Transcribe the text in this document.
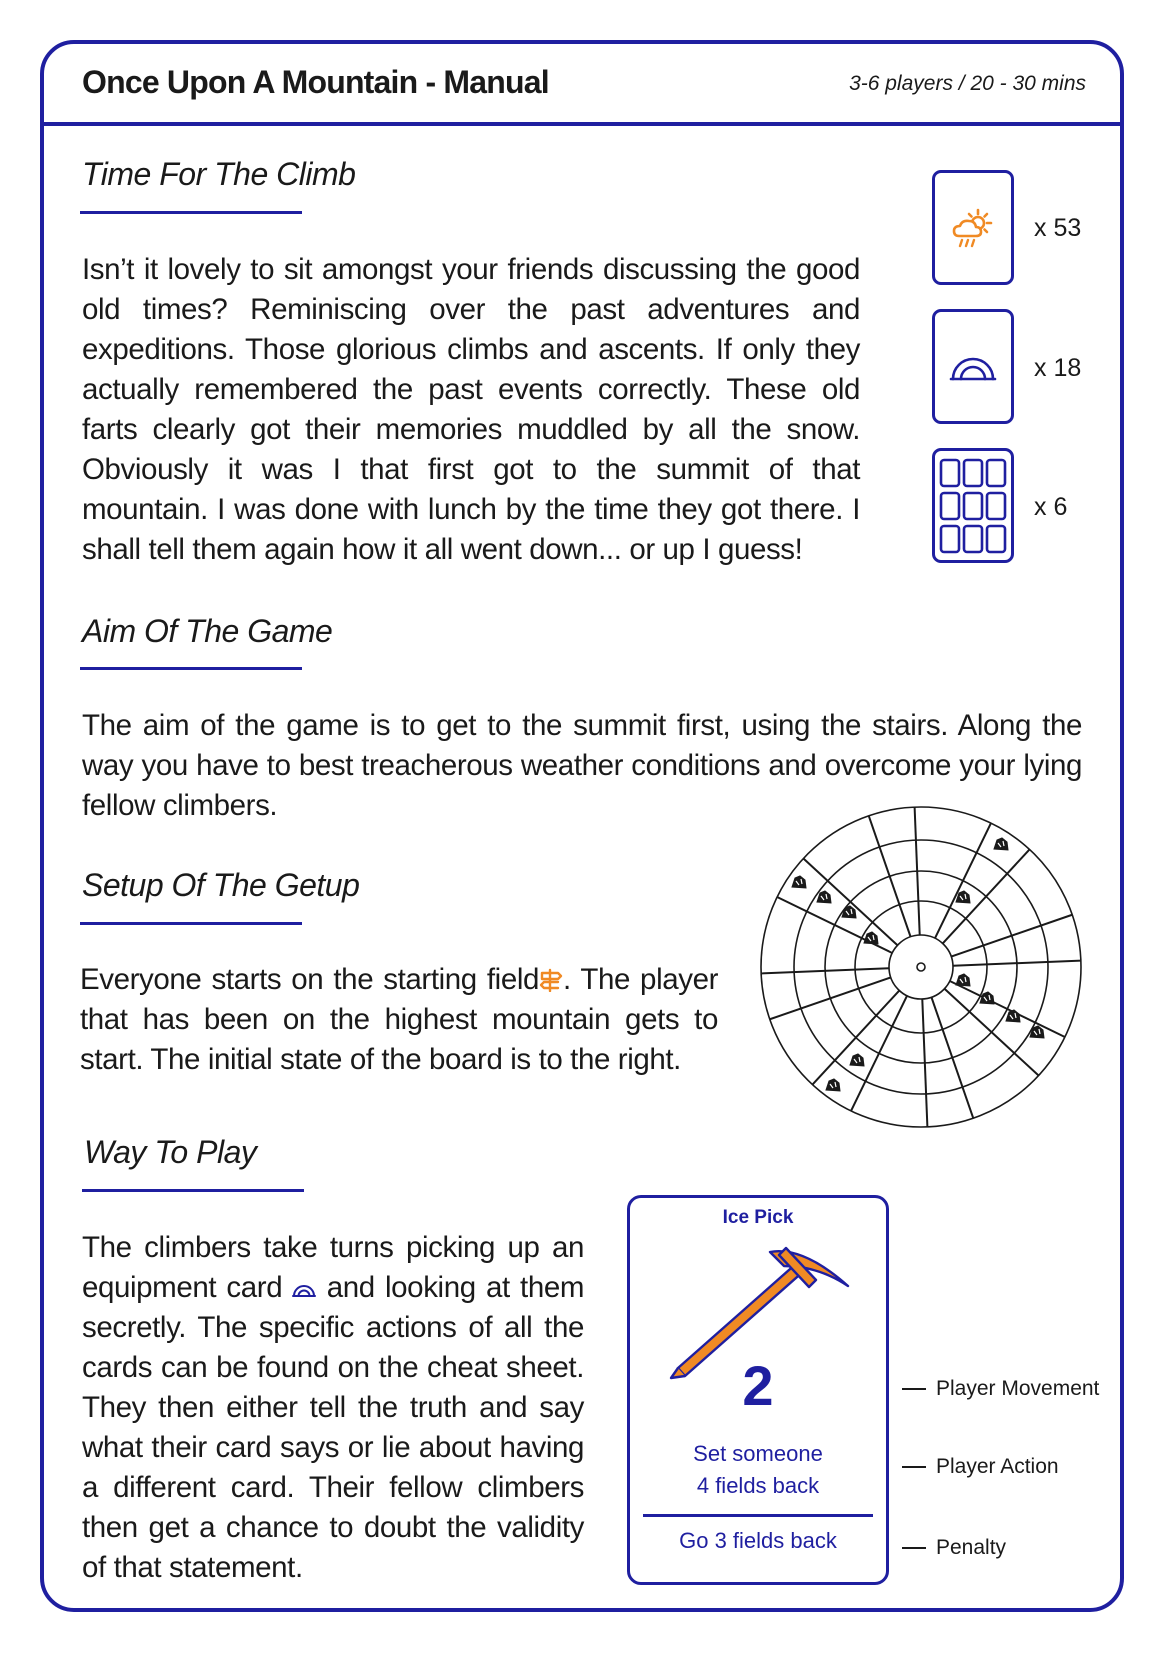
Once Upon A Mountain - Manual	3-6 players / 20 - 30 mins
Time For The Climb

Isn’t it lovely to sit amongst your friends discussing the good old times? Reminiscing over the past adventures and expeditions. Those glorious climbs and ascents. If only they actually remembered the past events correctly. These old farts clearly got their memories muddled by all the snow. Obviously it was I that first got to the summit of that mountain. I was done with lunch by the time they got there. I shall tell them again how it all went down... or up I guess!

x 53
x 18
x 6
Aim Of The Game

The aim of the game is to get to the summit first, using the stairs. Along the way you have to best treacherous weather conditions and overcome your lying fellow climbers.

Setup Of The Getup

Everyone starts on the starting field . The player that has been on the highest mountain gets to start. The initial state of the board is to the right.

Way To Play

The climbers take turns picking up an equipment card and looking at them secretly. The specific actions of all the cards can be found on the cheat sheet. They then either tell the truth and say what their card says or lie about having a different card. Their fellow climbers then get a chance to doubt the validity of that statement.

Ice Pick
2
Set someone
4 fields back
Go 3 fields back
Player Movement
Player Action
Penalty
